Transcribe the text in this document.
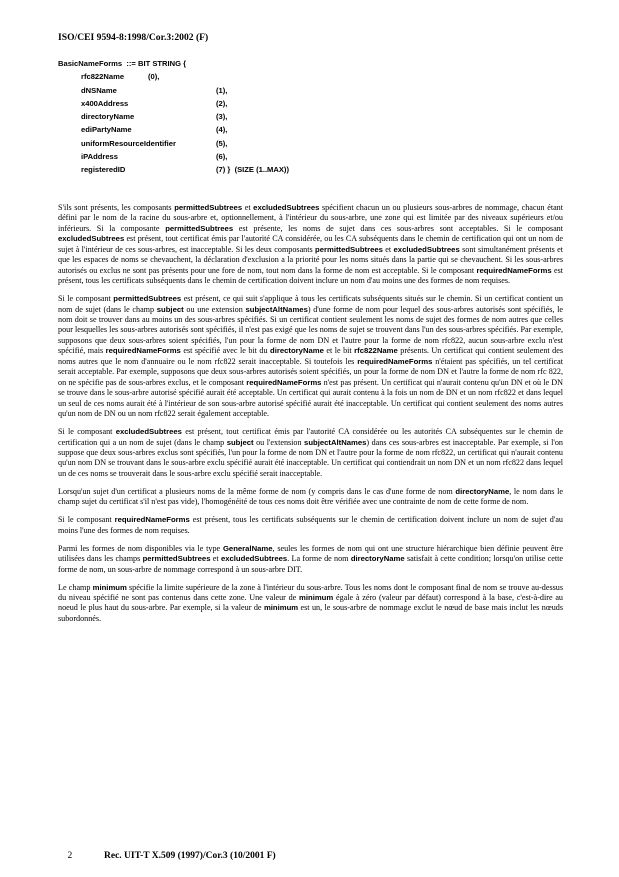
ISO/CEI 9594-8:1998/Cor.3:2002 (F)
BasicNameForms  ::= BIT STRING {
rfc822Name	(0),
dNSName	(1),
x400Address	(2),
directoryName	(3),
ediPartyName	(4),
uniformResourceIdentifier	(5),
iPAddress	(6),
registeredID	(7) }  (SIZE (1..MAX))

S'ils sont présents, les composants permittedSubtrees et excludedSubtrees spécifient chacun un ou plusieurs sous-arbres de nommage, chacun étant défini par le nom de la racine du sous-arbre et, optionnellement, à l'intérieur du sous-arbre, une zone qui est limitée par des niveaux supérieurs et/ou inférieurs. Si la composante permittedSubtrees est présente, les noms de sujet dans ces sous-arbres sont acceptables. Si le composant excludedSubtrees est présent, tout certificat émis par l'autorité CA considérée, ou les CA subséquents dans le chemin de certification qui ont un nom de sujet à l'intérieur de ces sous-arbres, est inacceptable. Si les deux composants permittedSubtrees et excludedSubtrees sont simultanément présents et que les espaces de noms se chevauchent, la déclaration d'exclusion a la priorité pour les noms situés dans la partie qui se chevauchent. Si les sous-arbres autorisés ou exclus ne sont pas présents pour une fore de nom, tout nom dans la forme de nom est acceptable. Si le composant requiredNameForms est présent, tous les certificats subséquents dans le chemin de certification doivent inclure un nom d'au moins une des formes de nom requises.

Si le composant permittedSubtrees est présent, ce qui suit s'applique à tous les certificats subséquents situés sur le chemin. Si un certificat contient un nom de sujet (dans le champ subject ou une extension subjectAltNames) d'une forme de nom pour lequel des sous-arbres autorisés sont spécifiés, le nom doit se trouver dans au moins un des sous-arbres spécifiés. Si un certificat contient seulement les noms de sujet des formes de nom autres que celles pour lesquelles les sous-arbres autorisés sont spécifiés, il n'est pas exigé que les noms de sujet se trouvent dans l'un des sous-arbres spécifiés. Par exemple, supposons que deux sous-arbres soient spécifiés, l'un pour la forme de nom DN et l'autre pour la forme de nom rfc822, aucun sous-arbre exclu n'est spécifié, mais requiredNameForms est spécifié avec le bit du directoryName et le bit rfc822Name présents. Un certificat qui contient seulement des noms autres que le nom d'annuaire ou le nom rfc822 serait inacceptable. Si toutefois les requiredNameForms n'étaient pas spécifiés, un tel certificat serait acceptable. Par exemple, supposons que deux sous-arbres autorisés soient spécifiés, un pour la forme de nom DN et l'autre la forme de nom rfc 822, on ne spécifie pas de sous-arbres exclus, et le composant requiredNameForms n'est pas présent. Un certificat qui n'aurait contenu qu'un DN et où le DN se trouve dans le sous-arbre autorisé spécifié aurait été acceptable. Un certificat qui aurait contenu à la fois un nom de DN et un nom rfc822 et dans lequel un seul de ces noms aurait été à l'intérieur de son sous-arbre autorisé spécifié aurait été inacceptable. Un certificat qui contient seulement des noms autres qu'un nom de DN ou un nom rfc822 serait également acceptable.

Si le composant excludedSubtrees est présent, tout certificat émis par l'autorité CA considérée ou les autorités CA subséquentes sur le chemin de certification qui a un nom de sujet (dans le champ subject ou l'extension subjectAltNames) dans ces sous-arbres est inacceptable. Par exemple, si l'on suppose que deux sous-arbres exclus sont spécifiés, l'un pour la forme de nom DN et l'autre pour la forme de nom rfc822, un certificat qui n'aurait contenu qu'un nom DN se trouvant dans le sous-arbre exclu spécifié aurait été inacceptable. Un certificat qui contiendrait un nom DN et un nom rfc822 dans lequel un de ces noms se trouverait dans le sous-arbre exclu spécifié serait inacceptable.

Lorsqu'un sujet d'un certificat a plusieurs noms de la même forme de nom (y compris dans le cas d'une forme de nom directoryName, le nom dans le champ sujet du certificat s'il n'est pas vide), l'homogénéité de tous ces noms doit être vérifiée avec une contrainte de nom de cette forme de nom.

Si le composant requiredNameForms est présent, tous les certificats subséquents sur le chemin de certification doivent inclure un nom de sujet d'au moins l'une des formes de nom requises.

Parmi les formes de nom disponibles via le type GeneralName, seules les formes de nom qui ont une structure hiérarchique bien définie peuvent être utilisées dans les champs permittedSubtrees et excludedSubtrees. La forme de nom directoryName satisfait à cette condition; lorsqu'on utilise cette forme de nom, un sous-arbre de nommage correspond à un sous-arbre DIT.

Le champ minimum spécifie la limite supérieure de la zone à l'intérieur du sous-arbre. Tous les noms dont le composant final de nom se trouve au-dessus du niveau spécifié ne sont pas contenus dans cette zone. Une valeur de minimum égale à zéro (valeur par défaut) correspond à la base, c'est-à-dire au noeud le plus haut du sous-arbre. Par exemple, si la valeur de minimum est un, le sous-arbre de nommage exclut le nœud de base mais inclut les nœuds subordonnés.

2	Rec. UIT-T X.509 (1997)/Cor.3 (10/2001 F)
